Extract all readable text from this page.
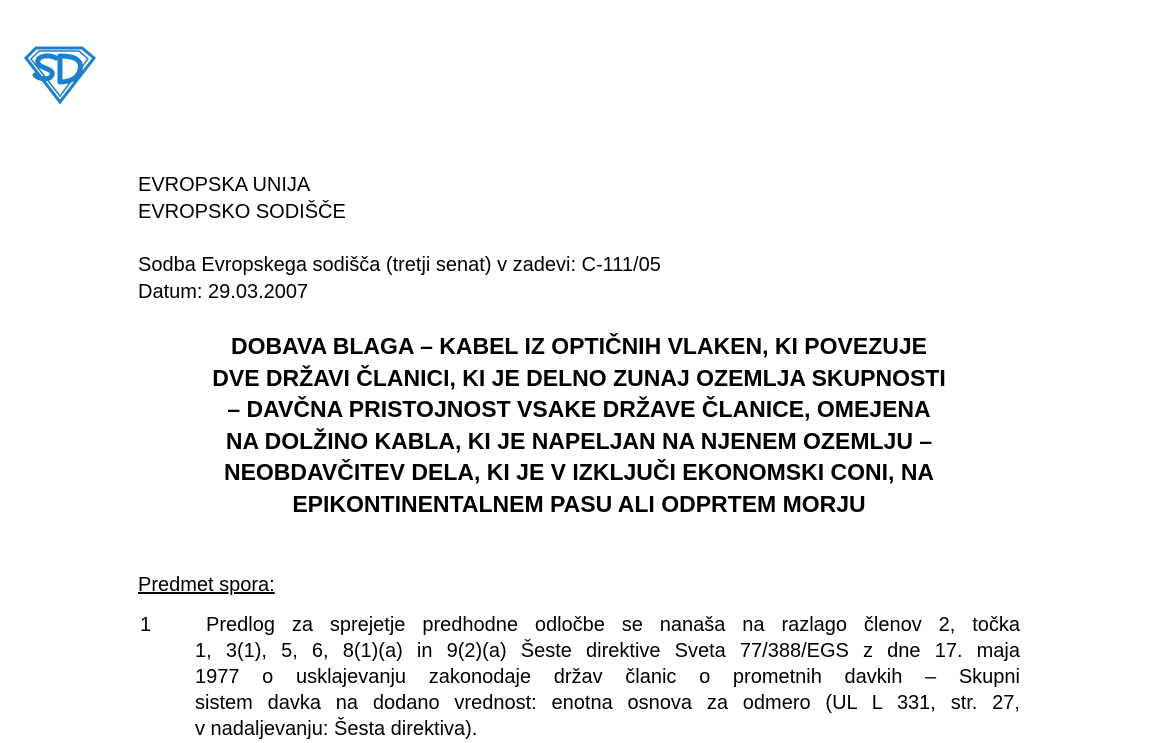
EVROPSKA UNIJA
EVROPSKO SODIŠČE
Sodba Evropskega sodišča (tretji senat) v zadevi: C-111/05
Datum: 29.03.2007
DOBAVA BLAGA – KABEL IZ OPTIČNIH VLAKEN, KI POVEZUJE
DVE DRŽAVI ČLANICI, KI JE DELNO ZUNAJ OZEMLJA SKUPNOSTI
– DAVČNA PRISTOJNOST VSAKE DRŽAVE ČLANICE, OMEJENA
NA DOLŽINO KABLA, KI JE NAPELJAN NA NJENEM OZEMLJU –
NEOBDAVČITEV DELA, KI JE V IZKLJUČI EKONOMSKI CONI, NA
EPIKONTINENTALNEM PASU ALI ODPRTEM MORJU
Predmet spora:
1	Predlog za sprejetje predhodne odločbe se nanaša na razlago členov 2, točka
1, 3(1), 5, 6, 8(1)(a) in 9(2)(a) Šeste direktive Sveta 77/388/EGS z dne 17. maja
1977 o usklajevanju zakonodaje držav članic o prometnih davkih – Skupni
sistem davka na dodano vrednost: enotna osnova za odmero (UL L 331, str. 27,
v nadaljevanju: Šesta direktiva).
